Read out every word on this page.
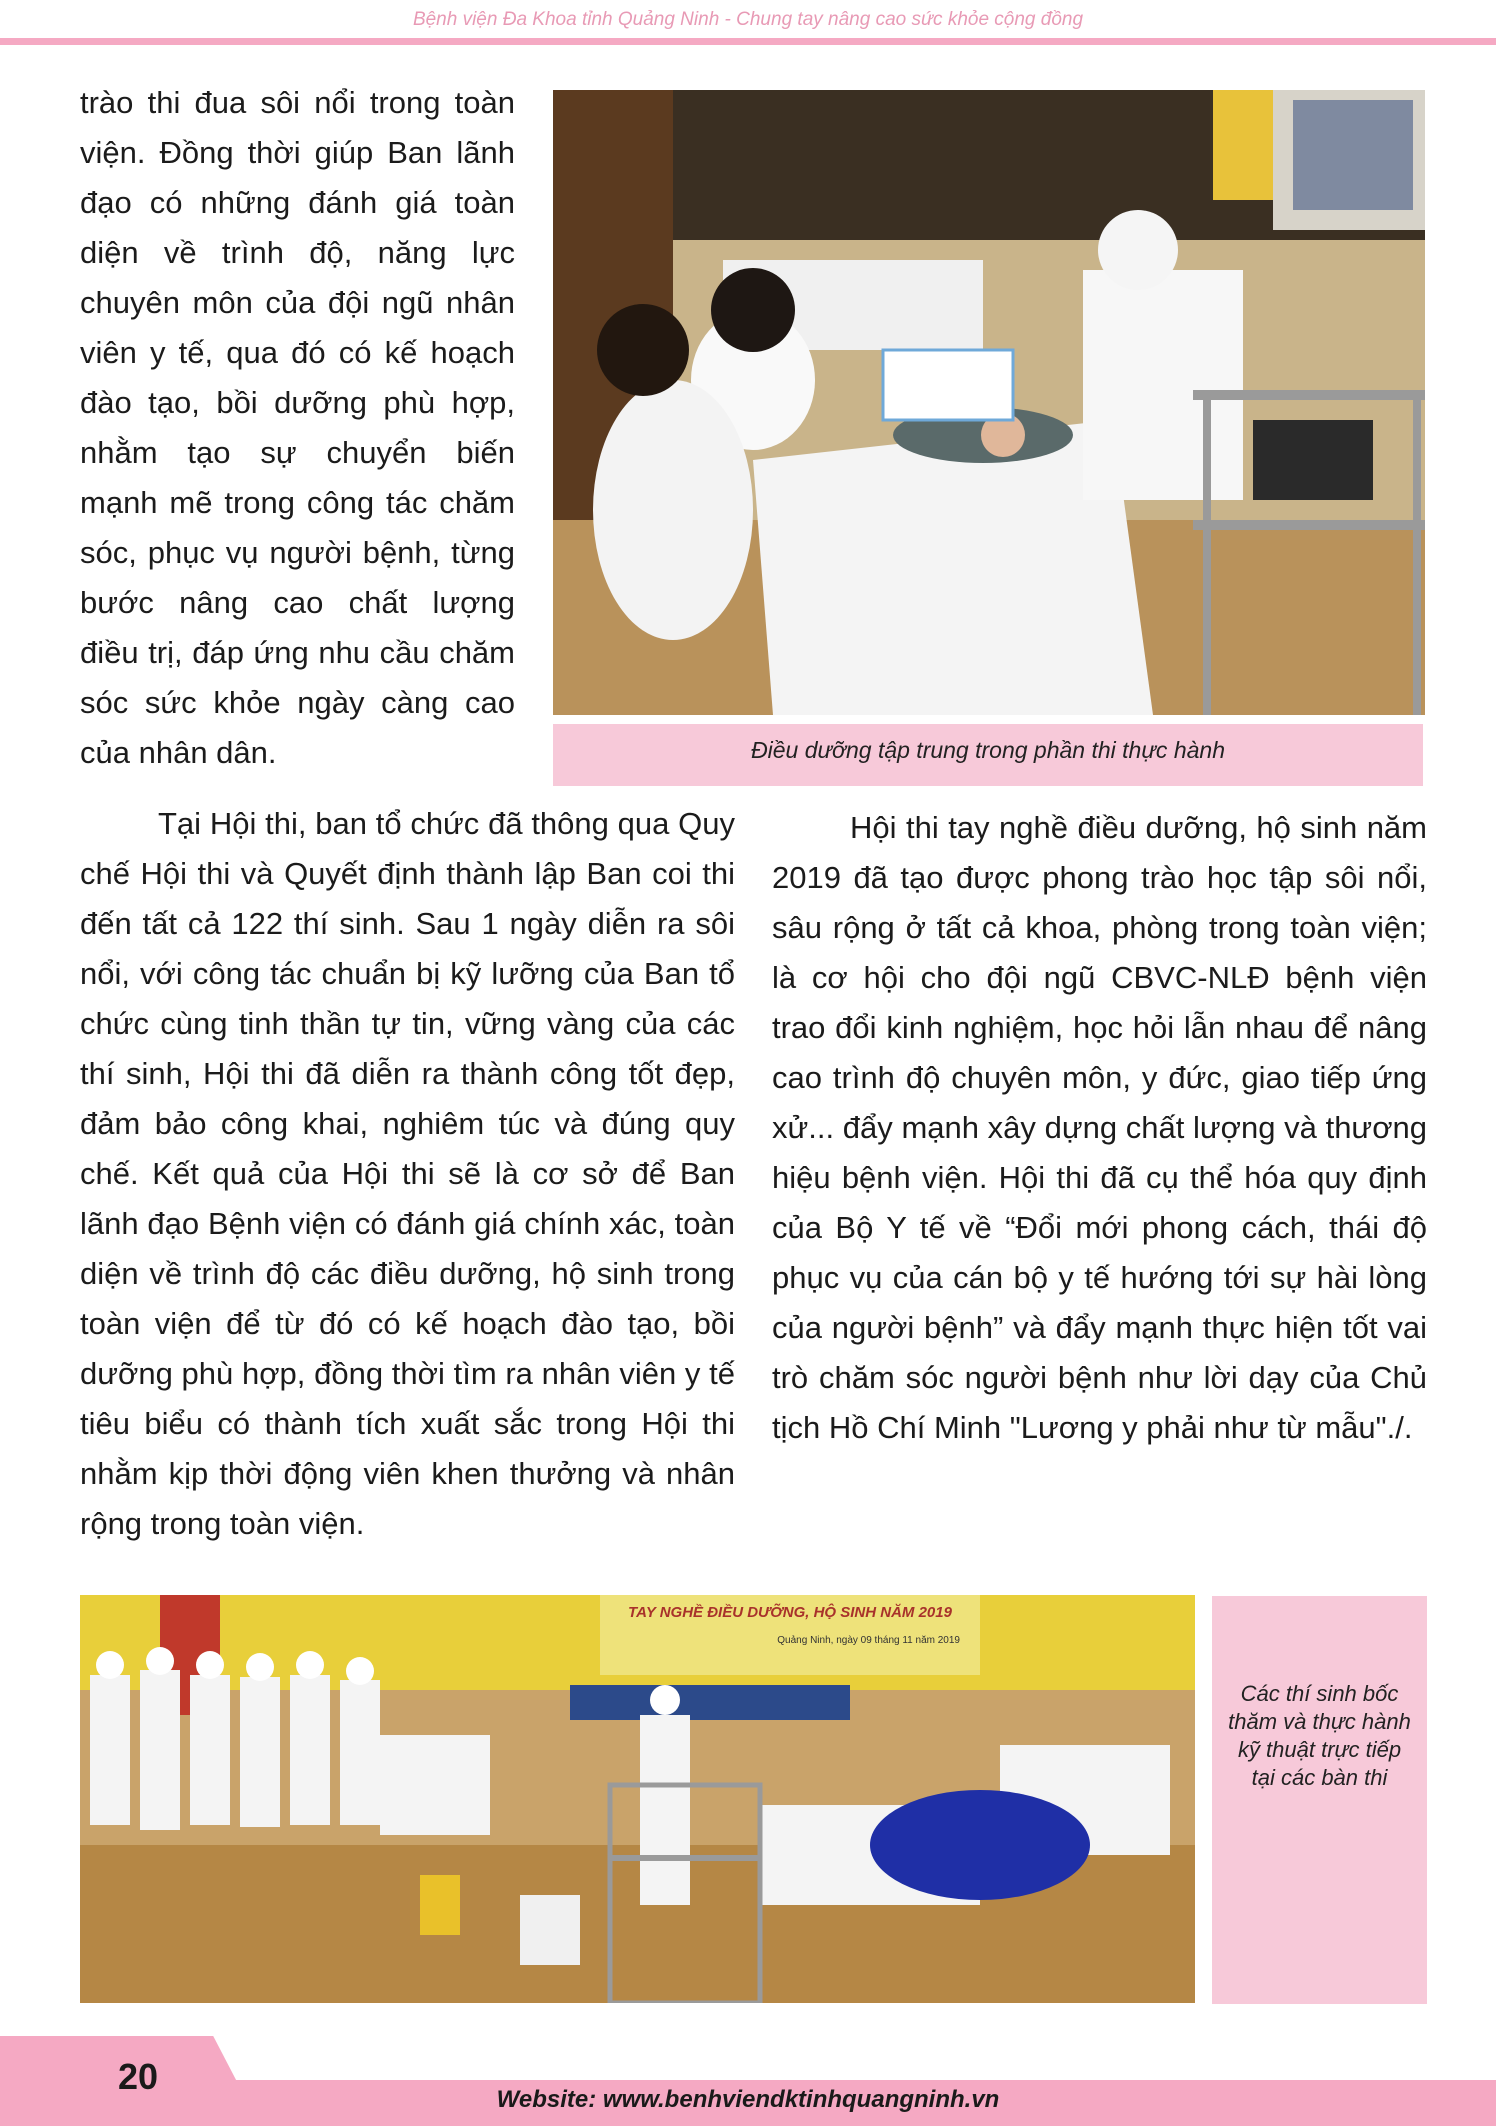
Bệnh viện Đa Khoa tỉnh Quảng Ninh - Chung tay nâng cao sức khỏe cộng đồng

trào thi đua sôi nổi trong toàn viện. Đồng thời giúp Ban lãnh đạo có những đánh giá toàn diện về trình độ, năng lực chuyên môn của đội ngũ nhân viên y tế, qua đó có kế hoạch đào tạo, bồi dưỡng phù hợp, nhằm tạo sự chuyển biến mạnh mẽ trong công tác chăm sóc, phục vụ người bệnh, từng bước nâng cao chất lượng điều trị, đáp ứng nhu cầu chăm sóc sức khỏe ngày càng cao của nhân dân.	Điều dưỡng tập trung trong phần thi thực hành

Tại Hội thi, ban tổ chức đã thông qua Quy chế Hội thi và Quyết định thành lập Ban coi thi đến tất cả 122 thí sinh. Sau 1 ngày diễn ra sôi nổi, với công tác chuẩn bị kỹ lưỡng của Ban tổ chức cùng tinh thần tự tin, vững vàng của các thí sinh, Hội thi đã diễn ra thành công tốt đẹp, đảm bảo công khai, nghiêm túc và đúng quy chế. Kết quả của Hội thi sẽ là cơ sở để Ban lãnh đạo Bệnh viện có đánh giá chính xác, toàn diện về trình độ các điều dưỡng, hộ sinh trong toàn viện để từ đó có kế hoạch đào tạo, bồi dưỡng phù hợp, đồng thời tìm ra nhân viên y tế tiêu biểu có thành tích xuất sắc trong Hội thi nhằm kịp thời động viên khen thưởng và nhân rộng trong toàn viện.

Hội thi tay nghề điều dưỡng, hộ sinh năm 2019 đã tạo được phong trào học tập sôi nổi, sâu rộng ở tất cả khoa, phòng trong toàn viện; là cơ hội cho đội ngũ CBVC-NLĐ bệnh viện trao đổi kinh nghiệm, học hỏi lẫn nhau để nâng cao trình độ chuyên môn, y đức, giao tiếp ứng xử... đẩy mạnh xây dựng chất lượng và thương hiệu bệnh viện. Hội thi đã cụ thể hóa quy định của Bộ Y tế về “Đổi mới phong cách, thái độ phục vụ của cán bộ y tế hướng tới sự hài lòng của người bệnh” và đẩy mạnh thực hiện tốt vai trò chăm sóc người bệnh như lời dạy của Chủ tịch Hồ Chí Minh "Lương y phải như từ mẫu"./.

TAY NGHỀ ĐIỀU DƯỠNG, HỘ SINH NĂM 2019
Quảng Ninh, ngày 09 tháng 11 năm 2019
Các thí sinh bốc thăm và thực hành kỹ thuật trực tiếp tại các bàn thi
20
Website: www.benhviendktinhquangninh.vn
